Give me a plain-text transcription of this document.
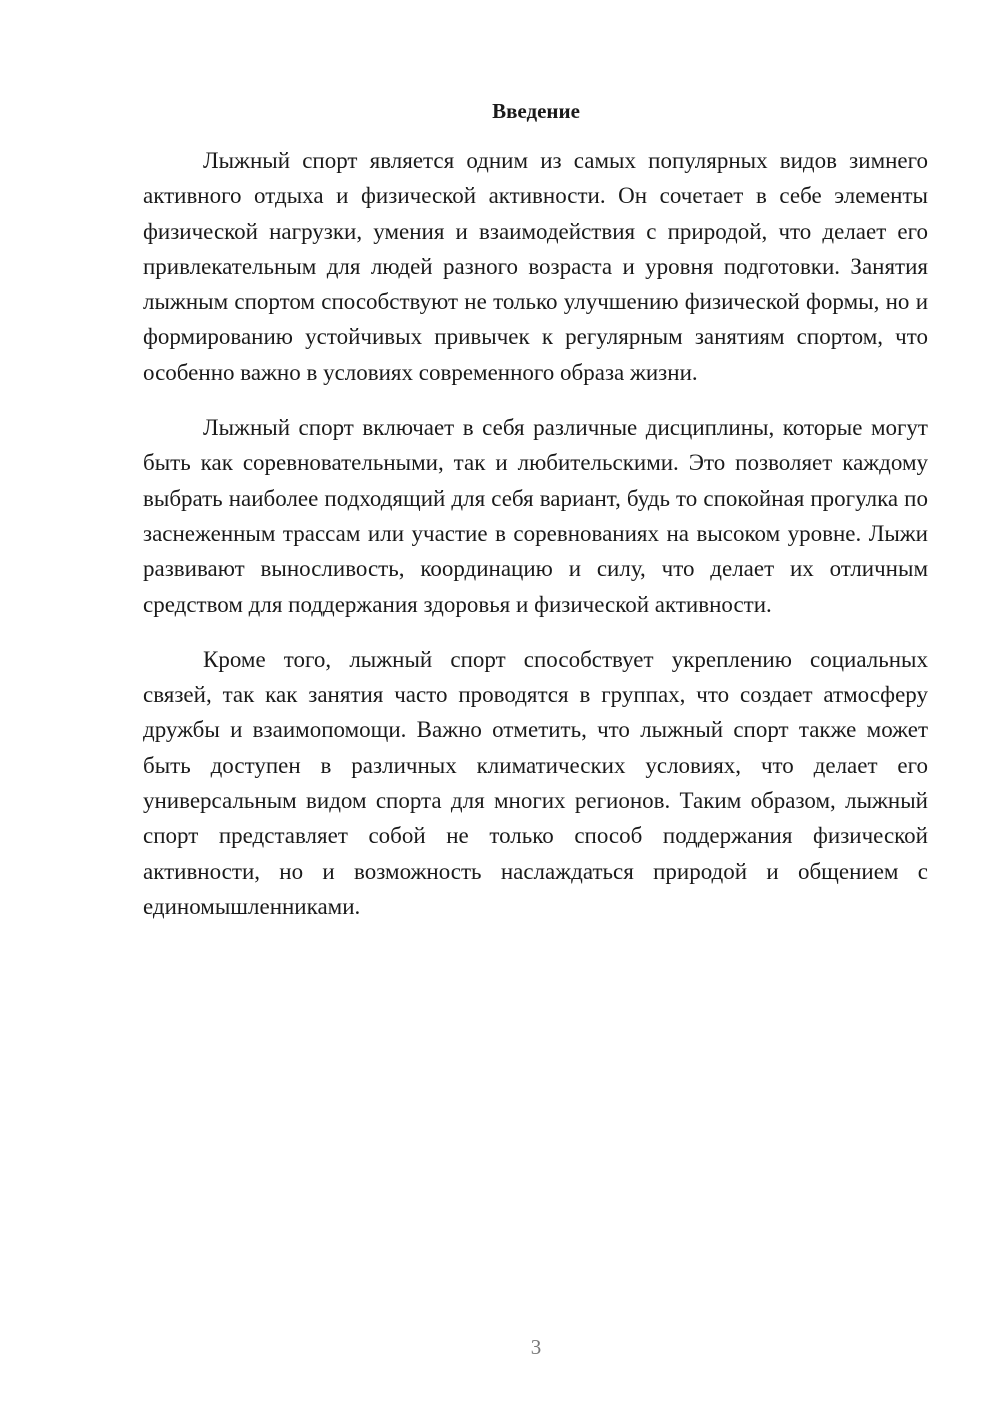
Введение

Лыжный спорт является одним из самых популярных видов зимнего активного отдыха и физической активности. Он сочетает в себе элементы физической нагрузки, умения и взаимодействия с природой, что делает его привлекательным для людей разного возраста и уровня подготовки. Занятия лыжным спортом способствуют не только улучшению физической формы, но и формированию устойчивых привычек к регулярным занятиям спортом, что особенно важно в условиях современного образа жизни.

Лыжный спорт включает в себя различные дисциплины, которые могут быть как соревновательными, так и любительскими. Это позволяет каждому выбрать наиболее подходящий для себя вариант, будь то спокойная прогулка по заснеженным трассам или участие в соревнованиях на высоком уровне. Лыжи развивают выносливость, координацию и силу, что делает их отличным средством для поддержания здоровья и физической активности.

Кроме того, лыжный спорт способствует укреплению социальных связей, так как занятия часто проводятся в группах, что создает атмосферу дружбы и взаимопомощи. Важно отметить, что лыжный спорт также может быть доступен в различных климатических условиях, что делает его универсальным видом спорта для многих регионов. Таким образом, лыжный спорт представляет собой не только способ поддержания физической активности, но и возможность наслаждаться природой и общением с единомышленниками.

3
